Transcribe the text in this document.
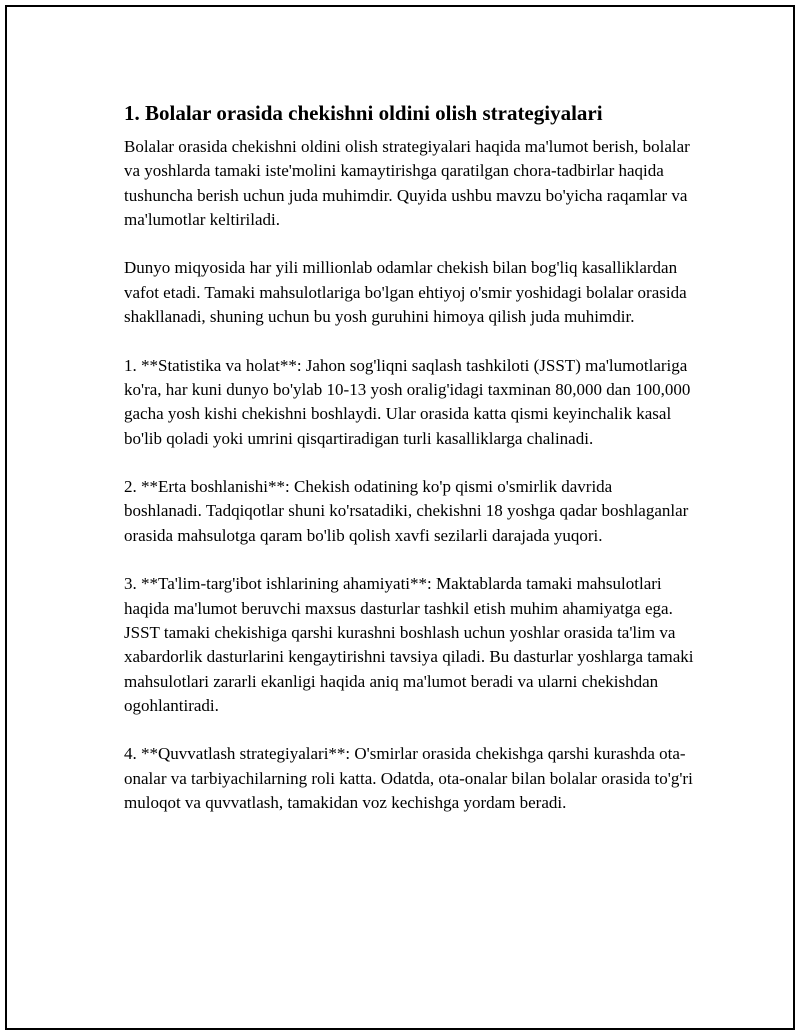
1. Bolalar orasida chekishni oldini olish strategiyalari

Bolalar orasida chekishni oldini olish strategiyalari haqida ma'lumot berish, bolalar va yoshlarda tamaki iste'molini kamaytirishga qaratilgan chora-tadbirlar haqida tushuncha berish uchun juda muhimdir. Quyida ushbu mavzu bo'yicha raqamlar va ma'lumotlar keltiriladi.

Dunyo miqyosida har yili millionlab odamlar chekish bilan bog'liq kasalliklardan vafot etadi. Tamaki mahsulotlariga bo'lgan ehtiyoj o'smir yoshidagi bolalar orasida shakllanadi, shuning uchun bu yosh guruhini himoya qilish juda muhimdir.

1. **Statistika va holat**: Jahon sog'liqni saqlash tashkiloti (JSST) ma'lumotlariga ko'ra, har kuni dunyo bo'ylab 10-13 yosh oralig'idagi taxminan 80,000 dan 100,000 gacha yosh kishi chekishni boshlaydi. Ular orasida katta qismi keyinchalik kasal bo'lib qoladi yoki umrini qisqartiradigan turli kasalliklarga chalinadi.

2. **Erta boshlanishi**: Chekish odatining ko'p qismi o'smirlik davrida boshlanadi. Tadqiqotlar shuni ko'rsatadiki, chekishni 18 yoshga qadar boshlaganlar orasida mahsulotga qaram bo'lib qolish xavfi sezilarli darajada yuqori.

3. **Ta'lim-targ'ibot ishlarining ahamiyati**: Maktablarda tamaki mahsulotlari haqida ma'lumot beruvchi maxsus dasturlar tashkil etish muhim ahamiyatga ega. JSST tamaki chekishiga qarshi kurashni boshlash uchun yoshlar orasida ta'lim va xabardorlik dasturlarini kengaytirishni tavsiya qiladi. Bu dasturlar yoshlarga tamaki mahsulotlari zararli ekanligi haqida aniq ma'lumot beradi va ularni chekishdan ogohlantiradi.

4. **Quvvatlash strategiyalari**: O'smirlar orasida chekishga qarshi kurashda ota-onalar va tarbiyachilarning roli katta. Odatda, ota-onalar bilan bolalar orasida to'g'ri muloqot va quvvatlash, tamakidan voz kechishga yordam beradi.
